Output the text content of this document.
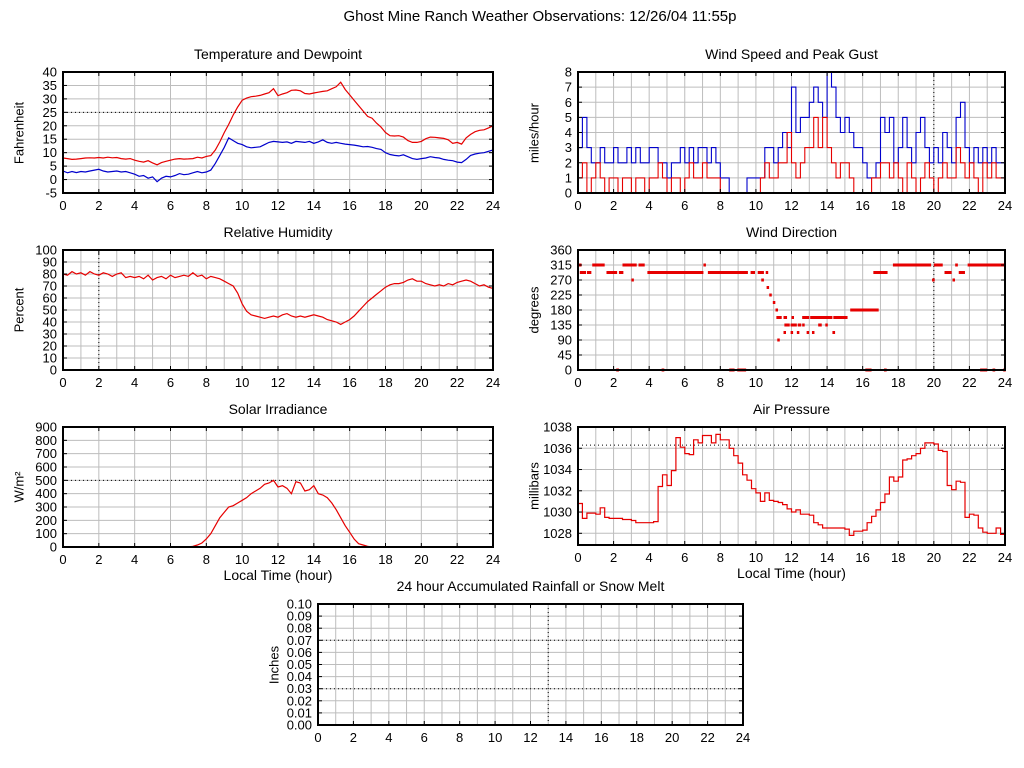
Ghost Mine Ranch Weather Observations: 12/26/04 11:55p
Temperature and Dewpoint
Fahrenheit
0 2 4 6 8 10 12 14 16 18 20 22 24
-5
0
5
10
15
20
25
30
35
40
Wind Speed and Peak Gust
miles/hour
0 2 4 6 8 10 12 14 16 18 20 22 24
0
1
2
3
4
5
6
7
8
Relative Humidity
Percent
0 2 4 6 8 10 12 14 16 18 20 22 24
0
10
20
30
40
50
60
70
80
90
100
Wind Direction
degrees
0 2 4 6 8 10 12 14 16 18 20 22 24
0
45
90
135
180
225
270
315
360
Solar Irradiance
W/m²
0 2 4 6 8 10 12 14 16 18 20 22 24
0
100
200
300
400
500
600
700
800
900
Local Time (hour)
Air Pressure
millibars
0 2 4 6 8 10 12 14 16 18 20 22 24
1028
1030
1032
1034
1036
1038
Local Time (hour)
24 hour Accumulated Rainfall or Snow Melt
Inches
0 2 4 6 8 10 12 14 16 18 20 22 24
0.00
0.01
0.02
0.03
0.04
0.05
0.06
0.07
0.08
0.09
0.10
